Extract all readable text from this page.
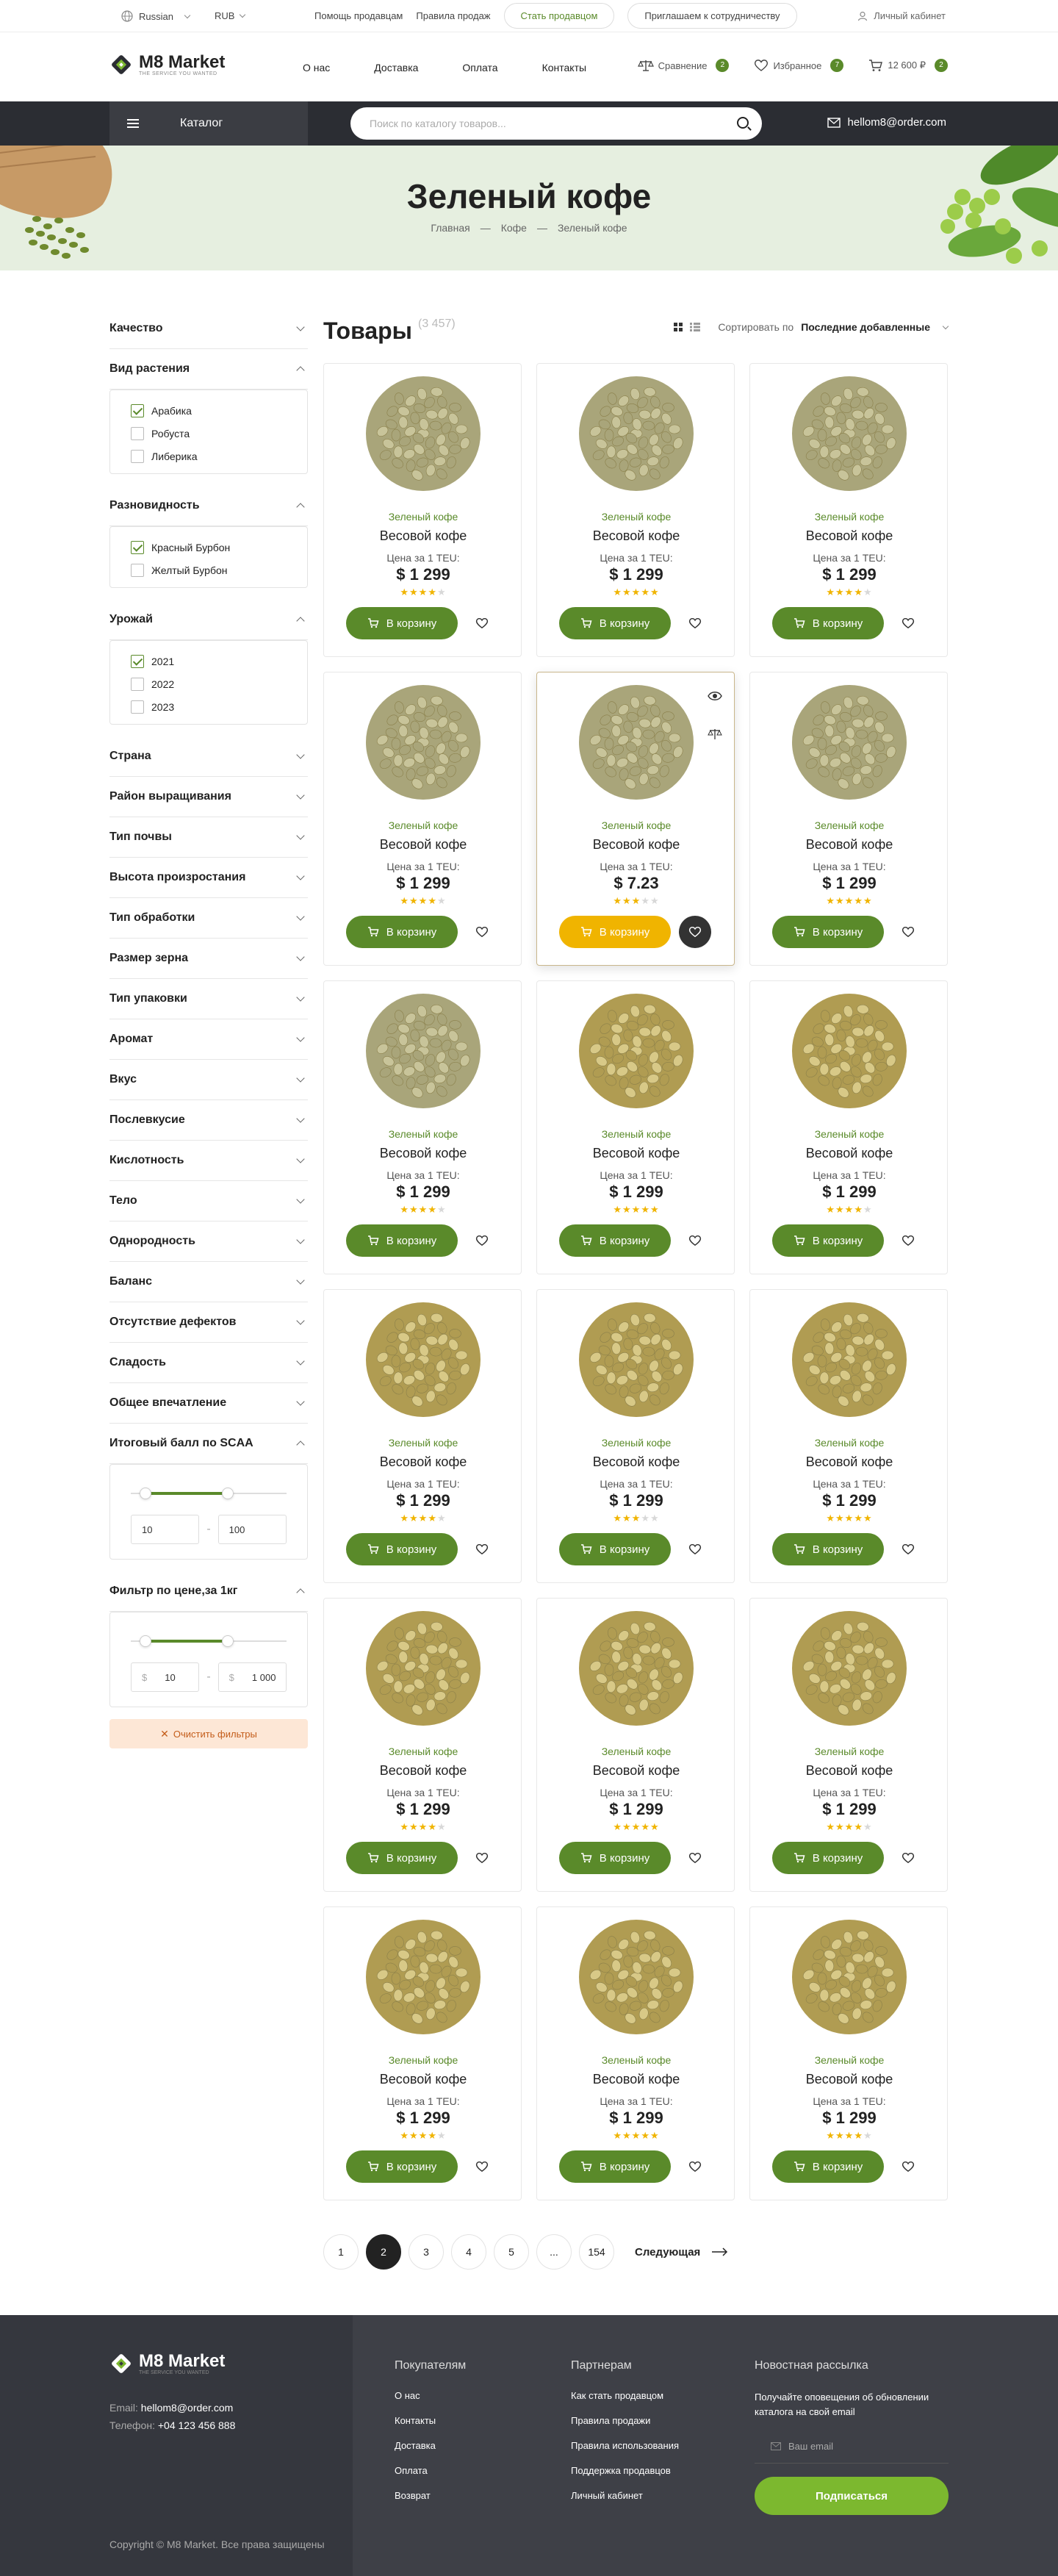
Russian	RUB	Помощь продавцам Правила продаж	Стать продавцом	Приглашаем к сотрудничеству	Личный кабинет
M8 Market
THE SERVICE YOU WANTED	О нас	Доставка	Оплата	Контакты	Сравнение	2	Избранное	7	12 600 ₽	2
Каталог	Поиск по каталогу товаров...	hellom8@order.com
Зеленый кофе
Главная — Кофе — Зеленый кофе
Качество
Вид растения
Арабика
Робуста
Либерика
Разновидность
Красный Бурбон
Желтый Бурбон
Урожай
2021
2022
2023
Страна
Район выращивания
Тип почвы
Высота произростания
Тип обработки
Размер зерна
Тип упаковки
Аромат
Вкус
Послевкусие
Кислотность
Тело
Однородность
Баланс
Отсутствие дефектов
Сладость
Общее впечатление
Итоговый балл по SCAA
10	- 100
Фильтр по цене,за 1кг
$ 10	- $ 1 000
✕ Очистить фильтры
Товары $^{(3 457)}$	Сортировать по Последние добавленные
Зеленый кофе
Весовой кофе
Цена за 1 TEU:
$ 1 299
★★★★★
В корзину
Зеленый кофе
Весовой кофе
Цена за 1 TEU:
$ 1 299
★★★★★
В корзину
Зеленый кофе
Весовой кофе
Цена за 1 TEU:
$ 1 299
★★★★★
В корзину
Зеленый кофе
Весовой кофе
Цена за 1 TEU:
$ 1 299
★★★★★
В корзину
Зеленый кофе
Весовой кофе
Цена за 1 TEU:
$ 7.23
★★★★★
В корзину
Зеленый кофе
Весовой кофе
Цена за 1 TEU:
$ 1 299
★★★★★
В корзину
Зеленый кофе
Весовой кофе
Цена за 1 TEU:
$ 1 299
★★★★★
В корзину
Зеленый кофе
Весовой кофе
Цена за 1 TEU:
$ 1 299
★★★★★
В корзину
Зеленый кофе
Весовой кофе
Цена за 1 TEU:
$ 1 299
★★★★★
В корзину
Зеленый кофе
Весовой кофе
Цена за 1 TEU:
$ 1 299
★★★★★
В корзину
Зеленый кофе
Весовой кофе
Цена за 1 TEU:
$ 1 299
★★★★★
В корзину
Зеленый кофе
Весовой кофе
Цена за 1 TEU:
$ 1 299
★★★★★
В корзину
Зеленый кофе
Весовой кофе
Цена за 1 TEU:
$ 1 299
★★★★★
В корзину
Зеленый кофе
Весовой кофе
Цена за 1 TEU:
$ 1 299
★★★★★
В корзину
Зеленый кофе
Весовой кофе
Цена за 1 TEU:
$ 1 299
★★★★★
В корзину
Зеленый кофе
Весовой кофе
Цена за 1 TEU:
$ 1 299
★★★★★
В корзину
Зеленый кофе
Весовой кофе
Цена за 1 TEU:
$ 1 299
★★★★★
В корзину
Зеленый кофе
Весовой кофе
Цена за 1 TEU:
$ 1 299
★★★★★
В корзину
1	2	3	4	5	...	154	Следующая
M8 Market
THE SERVICE YOU WANTED
Email: hellom8@order.com
Телефон: +04 123 456 888
Copyright © M8 Market. Все права защищены
Покупателям
О нас
Контакты
Доставка
Оплата
Возврат
Партнерам
Как стать продавцом
Правила продажи
Правила использования
Поддержка продавцов
Личный кабинет
Новостная рассылка
Получайте оповещения об обновлении каталога на свой email
Ваш email
Подписаться
